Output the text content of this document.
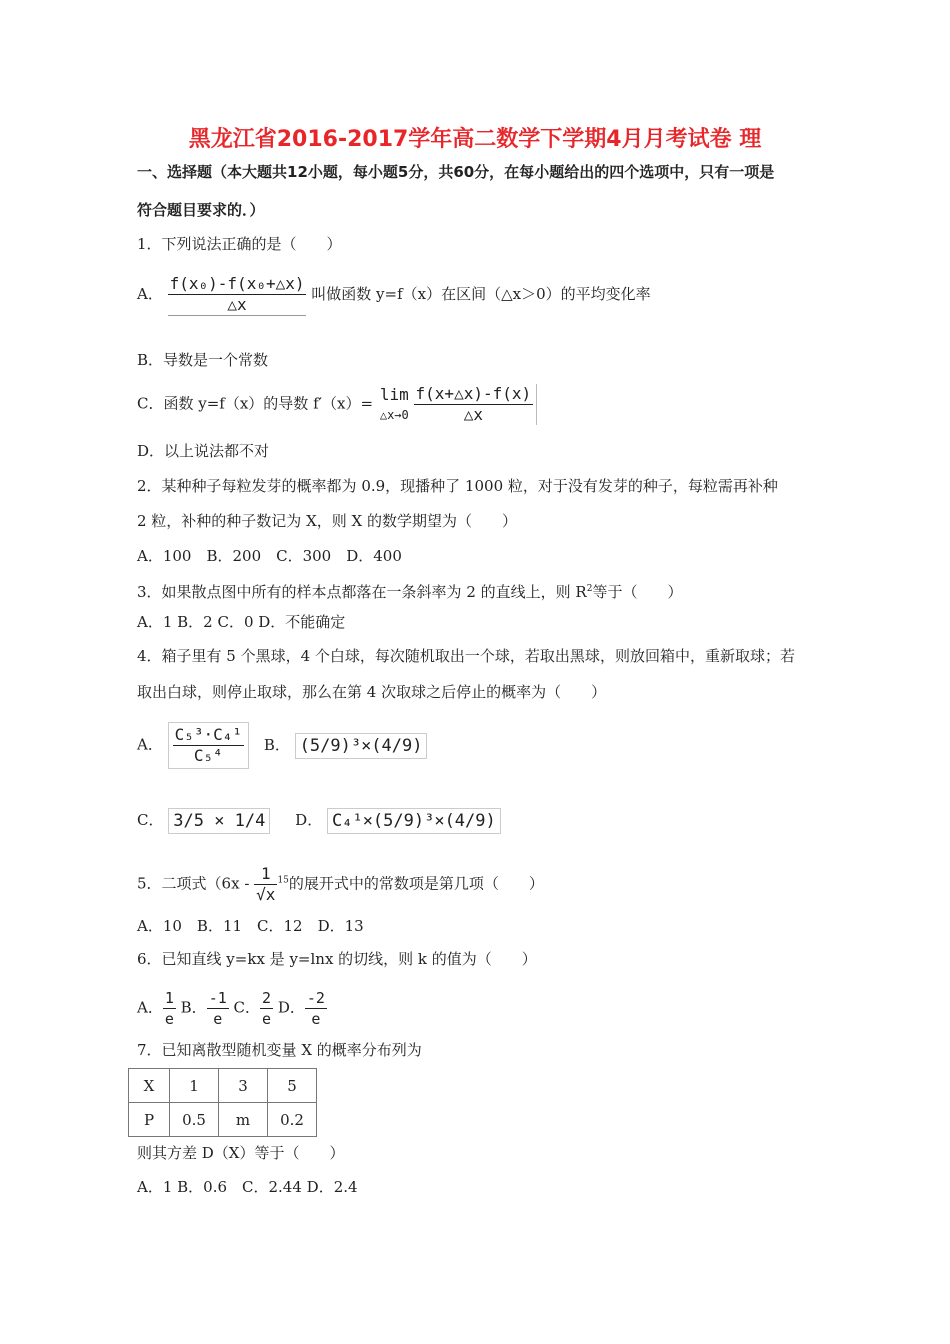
黑龙江省2016-2017学年高二数学下学期4月月考试卷 理
一、选择题（本大题共12小题，每小题5分，共60分，在每小题给出的四个选项中，只有一项是
符合题目要求的．）
1．下列说法正确的是（　　）
A． $\frac{\text{f(x₀)-f(x₀+△x)}}{\triangle x}$ 叫做函数 y=f（x）在区间（△x＞0）的平均变化率
B．导数是一个常数
C．函数 y=f（x）的导数 f′（x）= lim
△x→0
$\frac{f(x+\triangle x)-f(x)}{\triangle x}$
D．以上说法都不对
2．某种种子每粒发芽的概率都为 0.9，现播种了 1000 粒，对于没有发芽的种子，每粒需再补种
2 粒，补种的种子数记为 X，则 X 的数学期望为（　　）
A．100　B．200　C．300　D．400
3．如果散点图中所有的样本点都落在一条斜率为 2 的直线上，则 $R^2$等于（　　）
A．1 B．2 C．0 D．不能确定
4．箱子里有 5 个黑球，4 个白球，每次随机取出一个球，若取出黑球，则放回箱中，重新取球；若
取出白球，则停止取球，那么在第 4 次取球之后停止的概率为（　　）
A． $\frac{\text{C₅³·C₄¹}}{\text{C₅⁴}}$ B． (5/9)³×(4/9)
C． 3/5 × 1/4 D． C₄¹×(5/9)³×(4/9)
5．二项式（$6x - \frac{1}{√x} ^{15}$的展开式中的常数项是第几项（　　）
A．10　B．11　C．12　D．13
6．已知直线 y=kx 是 y=lnx 的切线，则 k 的值为（　　）
A． $\frac{1}{e}$ B． $\frac{-1}{e}$ C． $\frac{2}{e}$ D． $\frac{-2}{e}$
7．已知离散型随机变量 X 的概率分布列为
X	1	3	5
P	0.5	m	0.2
则其方差 D（X）等于（　　）
A．1 B．0.6　C．2.44 D．2.4
